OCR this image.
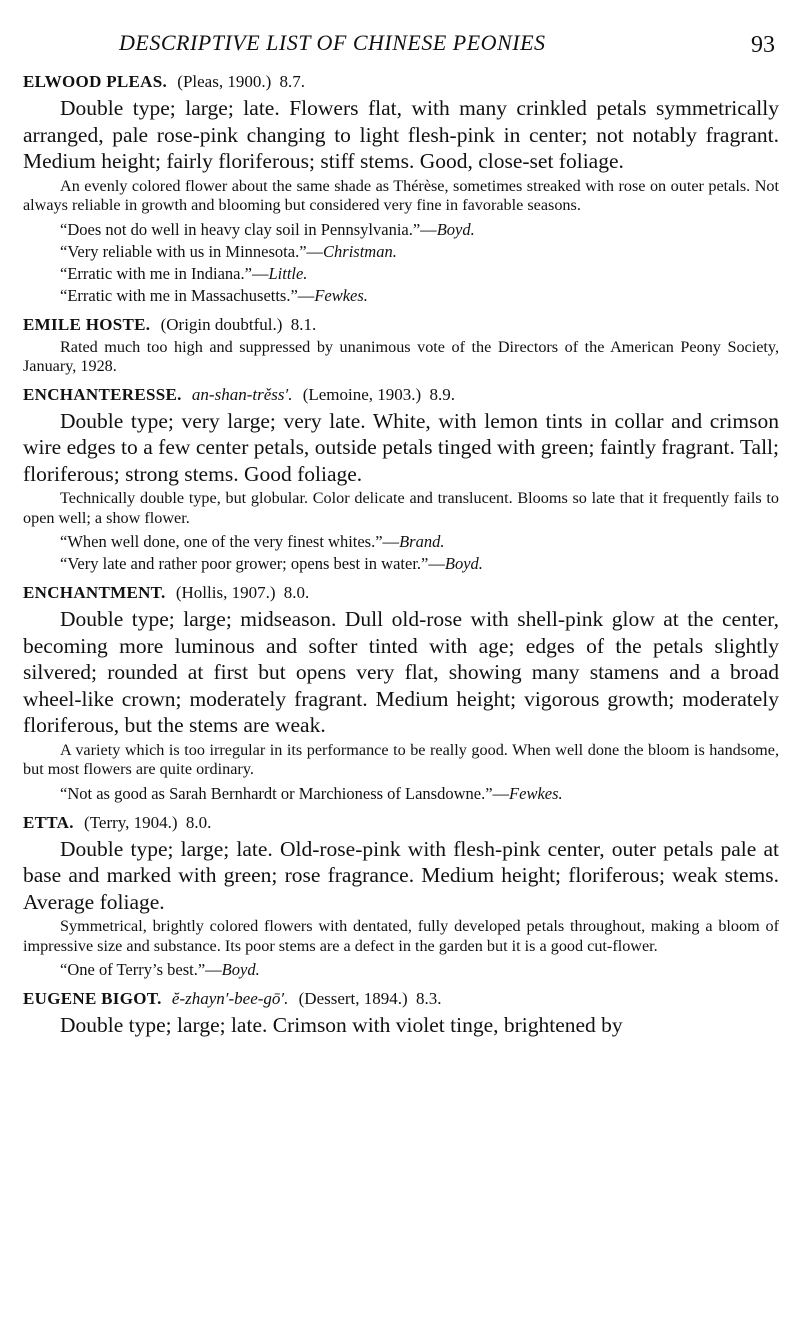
DESCRIPTIVE LIST OF CHINESE PEONIES	93
ELWOOD PLEAS. (Pleas, 1900.) 8.7.

Double type; large; late. Flowers flat, with many crinkled petals symmetrically arranged, pale rose-pink changing to light flesh-pink in center; not notably fragrant. Medium height; fairly floriferous; stiff stems. Good, close-set foliage.

An evenly colored flower about the same shade as Thérèse, sometimes streaked with rose on outer petals. Not always reliable in growth and blooming but considered very fine in favorable seasons.

“Does not do well in heavy clay soil in Pennsylvania.”—Boyd.

“Very reliable with us in Minnesota.”—Christman.

“Erratic with me in Indiana.”—Little.

“Erratic with me in Massachusetts.”—Fewkes.

EMILE HOSTE. (Origin doubtful.) 8.1.

Rated much too high and suppressed by unanimous vote of the Directors of the American Peony Society, January, 1928.

ENCHANTERESSE. an-shan-trěss′. (Lemoine, 1903.) 8.9.

Double type; very large; very late. White, with lemon tints in collar and crimson wire edges to a few center petals, outside petals tinged with green; faintly fragrant. Tall; floriferous; strong stems. Good foliage.

Technically double type, but globular. Color delicate and translucent. Blooms so late that it frequently fails to open well; a show flower.

“When well done, one of the very finest whites.”—Brand.

“Very late and rather poor grower; opens best in water.”—Boyd.

ENCHANTMENT. (Hollis, 1907.) 8.0.

Double type; large; midseason. Dull old-rose with shell-pink glow at the center, becoming more luminous and softer tinted with age; edges of the petals slightly silvered; rounded at first but opens very flat, showing many stamens and a broad wheel-like crown; moderately fragrant. Medium height; vigorous growth; moderately floriferous, but the stems are weak.

A variety which is too irregular in its performance to be really good. When well done the bloom is handsome, but most flowers are quite ordinary.

“Not as good as Sarah Bernhardt or Marchioness of Lansdowne.”—Fewkes.

ETTA. (Terry, 1904.) 8.0.

Double type; large; late. Old-rose-pink with flesh-pink center, outer petals pale at base and marked with green; rose fragrance. Medium height; floriferous; weak stems. Average foliage.

Symmetrical, brightly colored flowers with dentated, fully developed petals throughout, making a bloom of impressive size and substance. Its poor stems are a defect in the garden but it is a good cut-flower.

“One of Terry’s best.”—Boyd.

EUGENE BIGOT. ĕ-zhayn′-bee-gō′. (Dessert, 1894.) 8.3.

Double type; large; late. Crimson with violet tinge, brightened by
